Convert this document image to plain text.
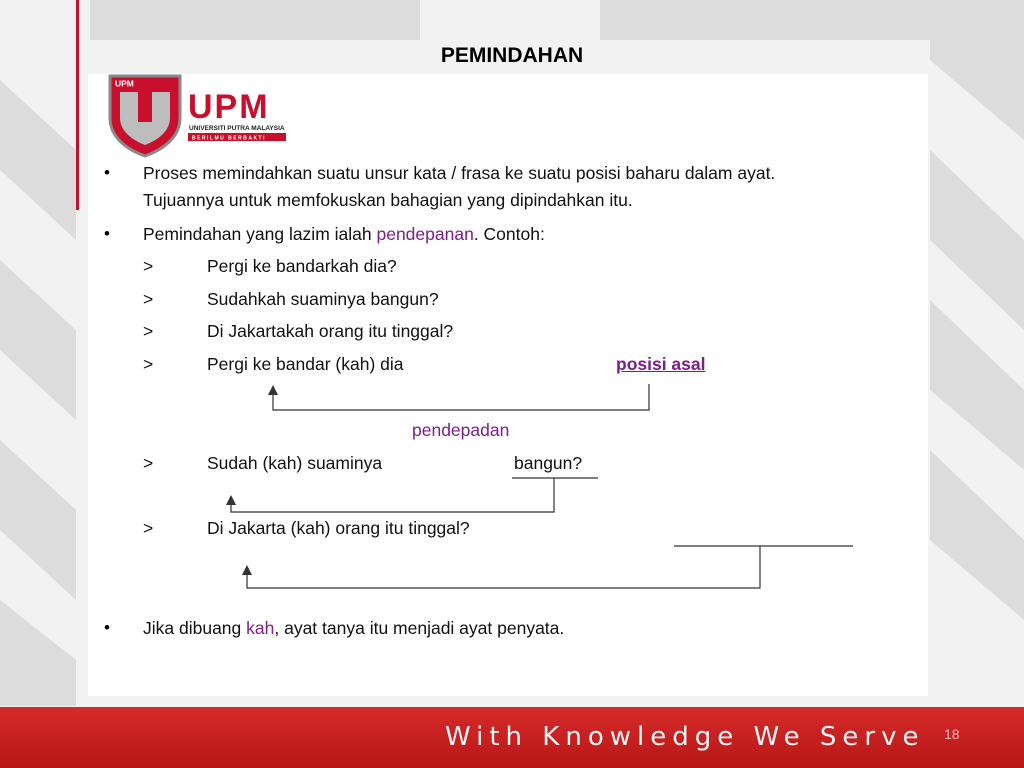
PEMINDAHAN
UPM
UPM
UNIVERSITI PUTRA MALAYSIA
BERILMU BERBAKTI
• Proses memindahkan suatu unsur kata / frasa ke suatu posisi baharu dalam ayat.
Tujuannya untuk memfokuskan bahagian yang dipindahkan itu.
• Pemindahan yang lazim ialah pendepanan. Contoh:
>	Pergi ke bandarkah dia?
>	Sudahkah suaminya bangun?
>	Di Jakartakah orang itu tinggal?
>	Pergi ke bandar (kah) dia	posisi asal
pendepadan
>	Sudah (kah) suaminya	bangun?
>	Di Jakarta (kah) orang itu tinggal?
• Jika dibuang kah, ayat tanya itu menjadi ayat penyata.
With Knowledge We Serve 18
